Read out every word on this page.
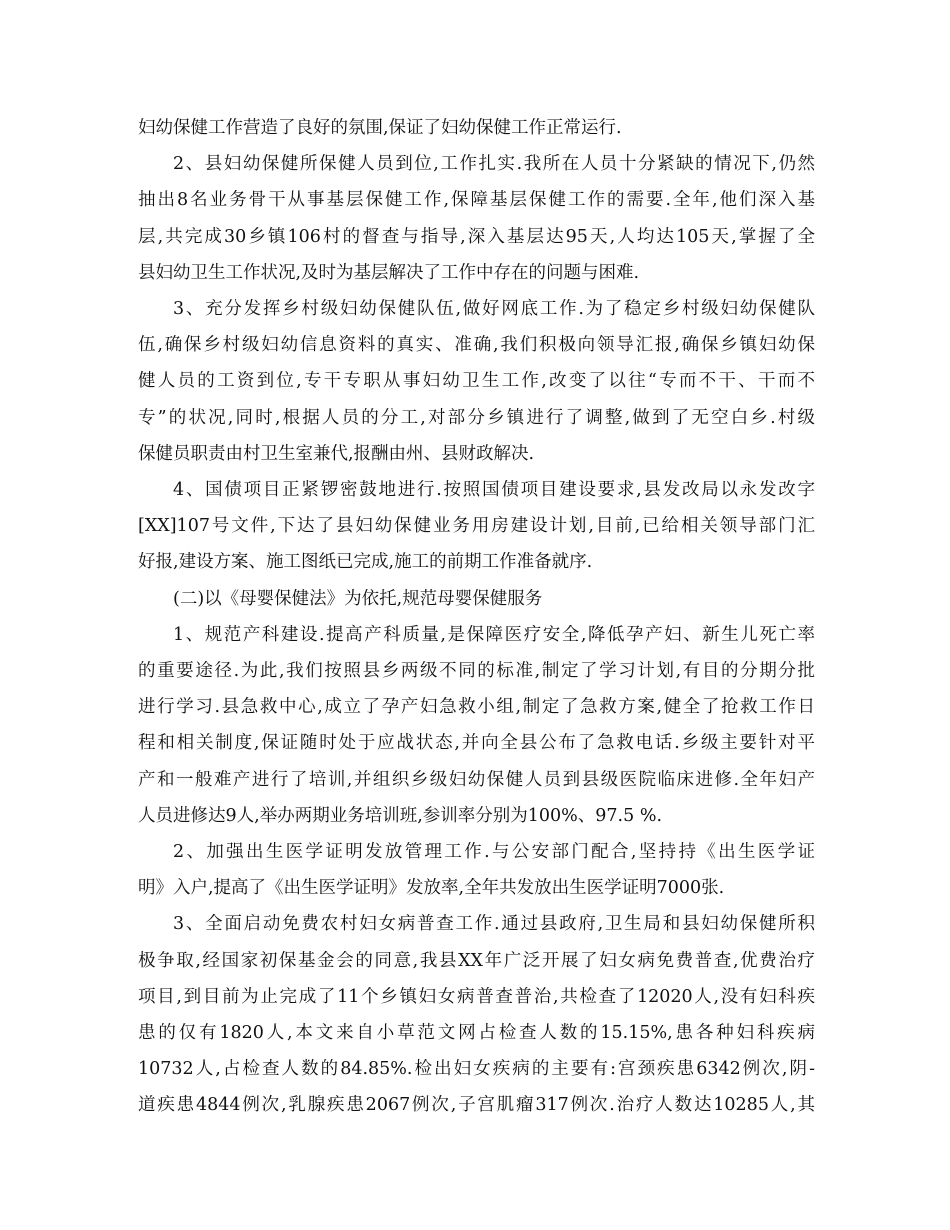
妇幼保健工作营造了良好的氛围,保证了妇幼保健工作正常运行.

2、县妇幼保健所保健人员到位,工作扎实.我所在人员十分紧缺的情况下,仍然
抽出8名业务骨干从事基层保健工作,保障基层保健工作的需要.全年,他们深入基
层,共完成30乡镇106村的督查与指导,深入基层达95天,人均达105天,掌握了全
县妇幼卫生工作状况,及时为基层解决了工作中存在的问题与困难.

3、充分发挥乡村级妇幼保健队伍,做好网底工作.为了稳定乡村级妇幼保健队
伍,确保乡村级妇幼信息资料的真实、准确,我们积极向领导汇报,确保乡镇妇幼保
健人员的工资到位,专干专职从事妇幼卫生工作,改变了以往“专而不干、干而不
专”的状况,同时,根据人员的分工,对部分乡镇进行了调整,做到了无空白乡.村级
保健员职责由村卫生室兼代,报酬由州、县财政解决.

4、国债项目正紧锣密鼓地进行.按照国债项目建设要求,县发改局以永发改字
[XX]107号文件,下达了县妇幼保健业务用房建设计划,目前,已给相关领导部门汇
好报,建设方案、施工图纸已完成,施工的前期工作准备就序.

(二)以《母婴保健法》为依托,规范母婴保健服务

1、规范产科建设.提高产科质量,是保障医疗安全,降低孕产妇、新生儿死亡率
的重要途径.为此,我们按照县乡两级不同的标准,制定了学习计划,有目的分期分批
进行学习.县急救中心,成立了孕产妇急救小组,制定了急救方案,健全了抢救工作日
程和相关制度,保证随时处于应战状态,并向全县公布了急救电话.乡级主要针对平
产和一般难产进行了培训,并组织乡级妇幼保健人员到县级医院临床进修.全年妇产
人员进修达9人,举办两期业务培训班,参训率分别为100%、97.5 %.

2、加强出生医学证明发放管理工作.与公安部门配合,坚持持《出生医学证
明》入户,提高了《出生医学证明》发放率,全年共发放出生医学证明7000张.

3、全面启动免费农村妇女病普查工作.通过县政府,卫生局和县妇幼保健所积
极争取,经国家初保基金会的同意,我县XX年广泛开展了妇女病免费普查,优费治疗
项目,到目前为止完成了11个乡镇妇女病普查普治,共检查了12020人,没有妇科疾
患的仅有1820人,本文来自小草范文网占检查人数的15.15%,患各种妇科疾病
10732人,占检查人数的84.85%.检出妇女疾病的主要有:宫颈疾患6342例次,阴-
道疾患4844例次,乳腺疾患2067例次,子宫肌瘤317例次.治疗人数达10285人,其
